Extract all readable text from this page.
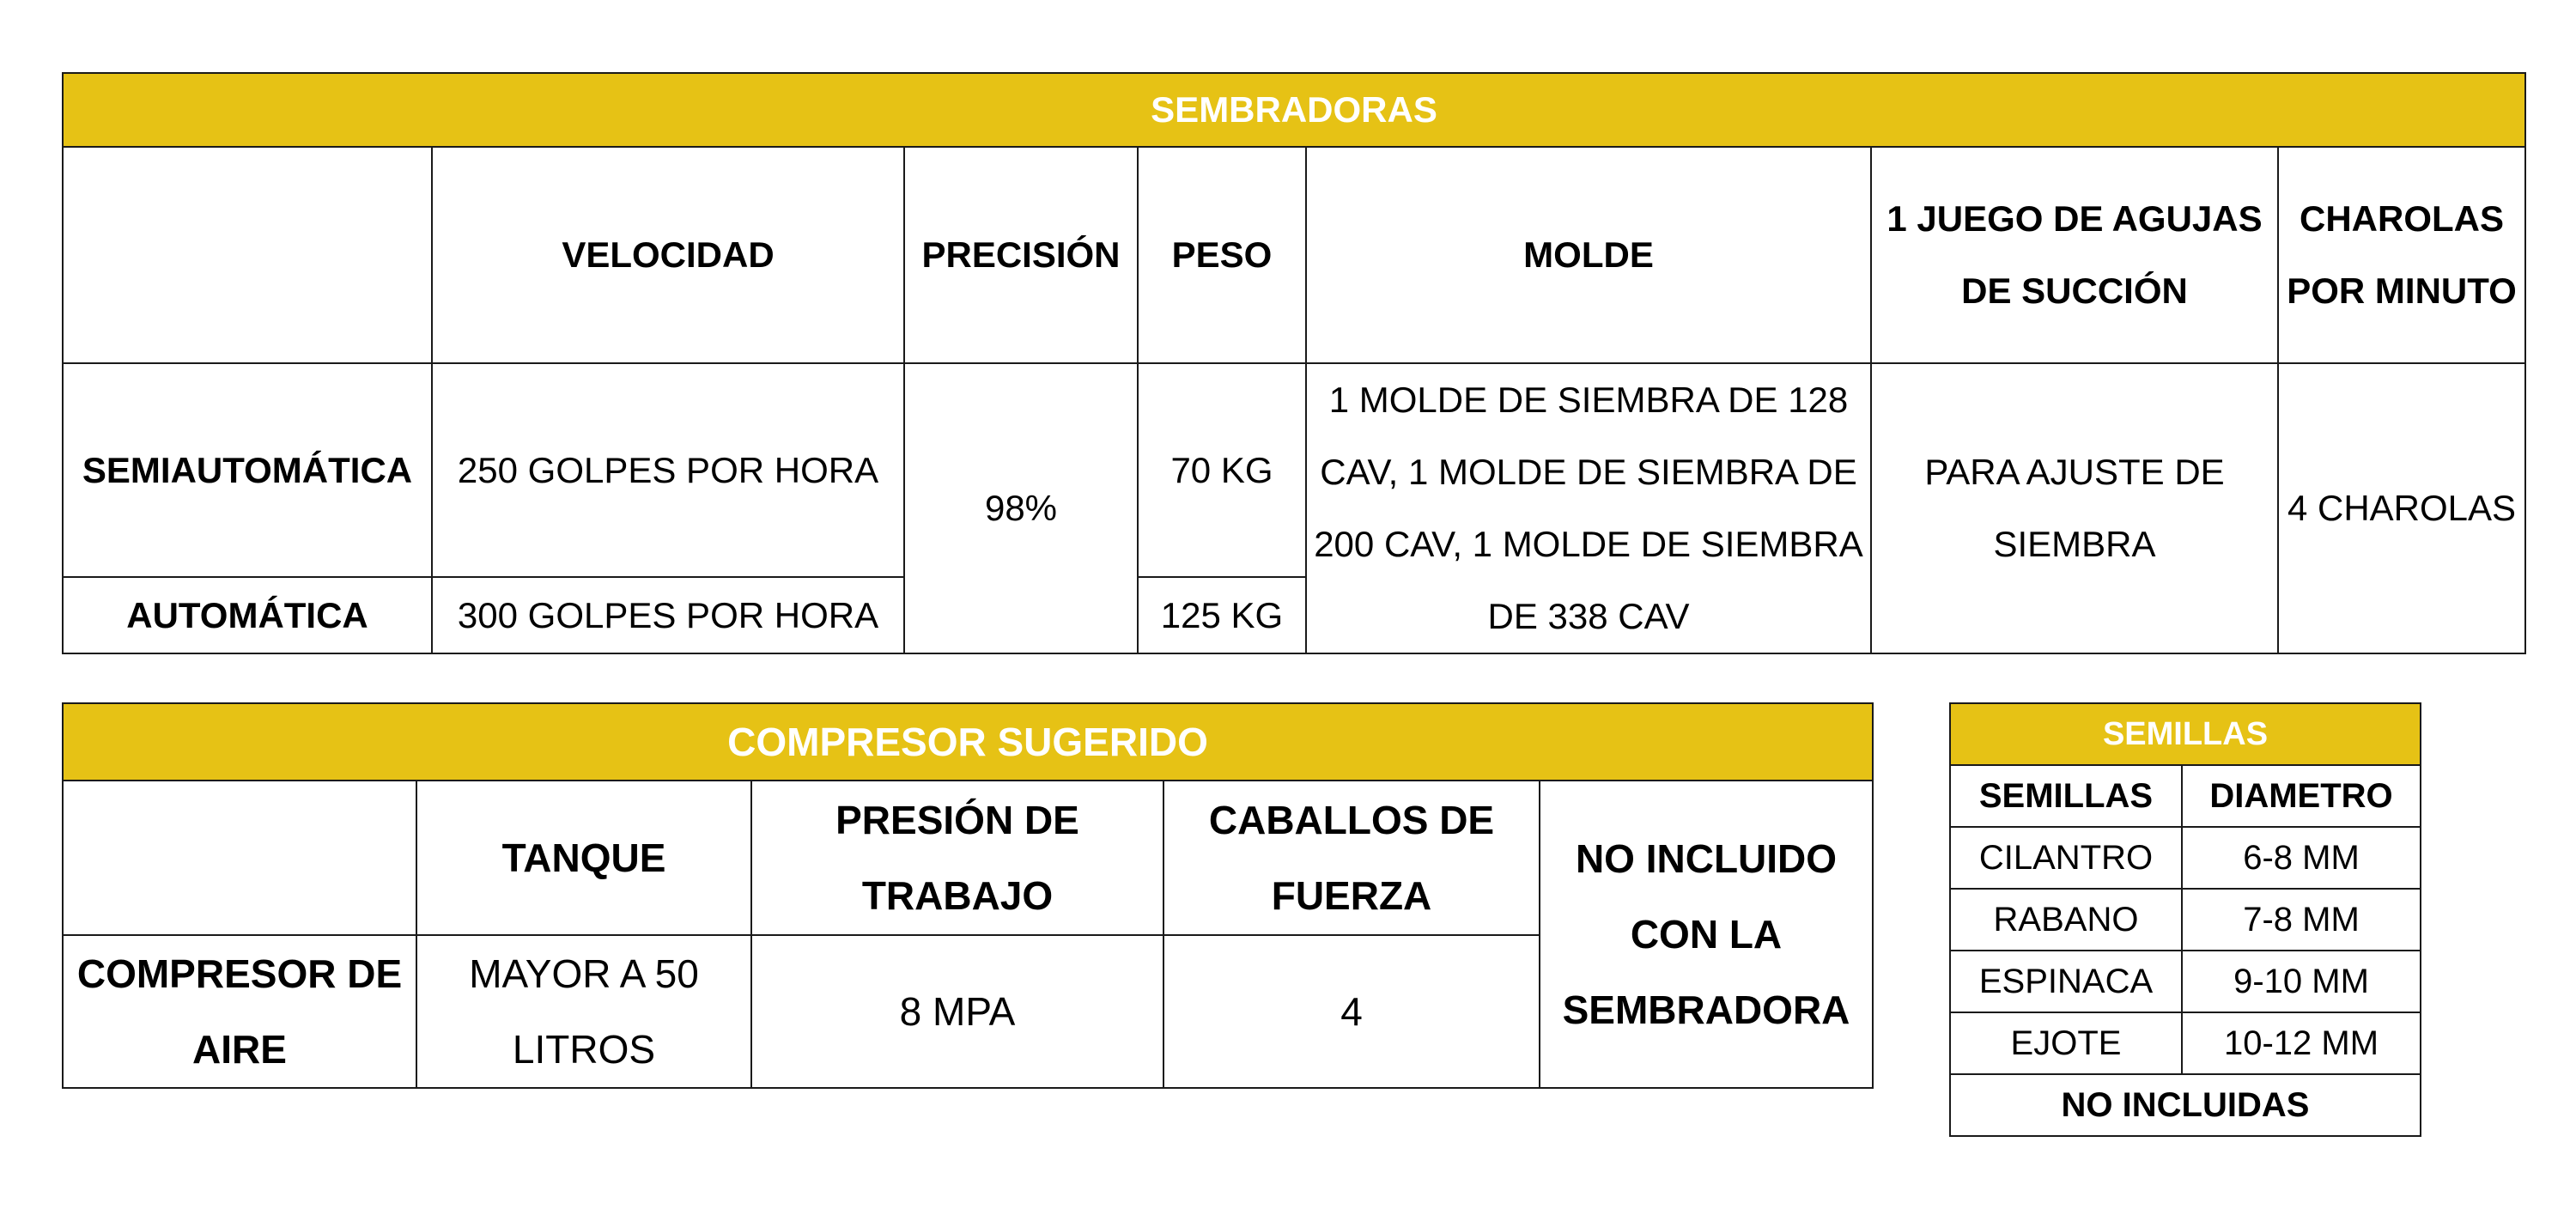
SEMBRADORAS						
	VELOCIDAD	PRECISIÓN	PESO	MOLDE	1 JUEGO DE AGUJAS DE SUCCIÓN	CHAROLAS POR MINUTO
SEMIAUTOMÁTICA	250 GOLPES POR HORA	98%	70 KG	1 MOLDE DE SIEMBRA DE 128 CAV, 1 MOLDE DE SIEMBRA DE 200 CAV, 1 MOLDE DE SIEMBRA DE 338 CAV	PARA AJUSTE DE SIEMBRA	4 CHAROLAS
AUTOMÁTICA	300 GOLPES POR HORA		125 KG			
COMPRESOR SUGERIDO				
	TANQUE	PRESIÓN DE TRABAJO	CABALLOS DE FUERZA	NO INCLUIDO CON LA SEMBRADORA
COMPRESOR DE AIRE	MAYOR A 50 LITROS	8 MPA	4	
SEMILLAS	
SEMILLAS	DIAMETRO
CILANTRO	6-8 MM
RABANO	7-8 MM
ESPINACA	9-10 MM
EJOTE	10-12 MM
NO INCLUIDAS	
